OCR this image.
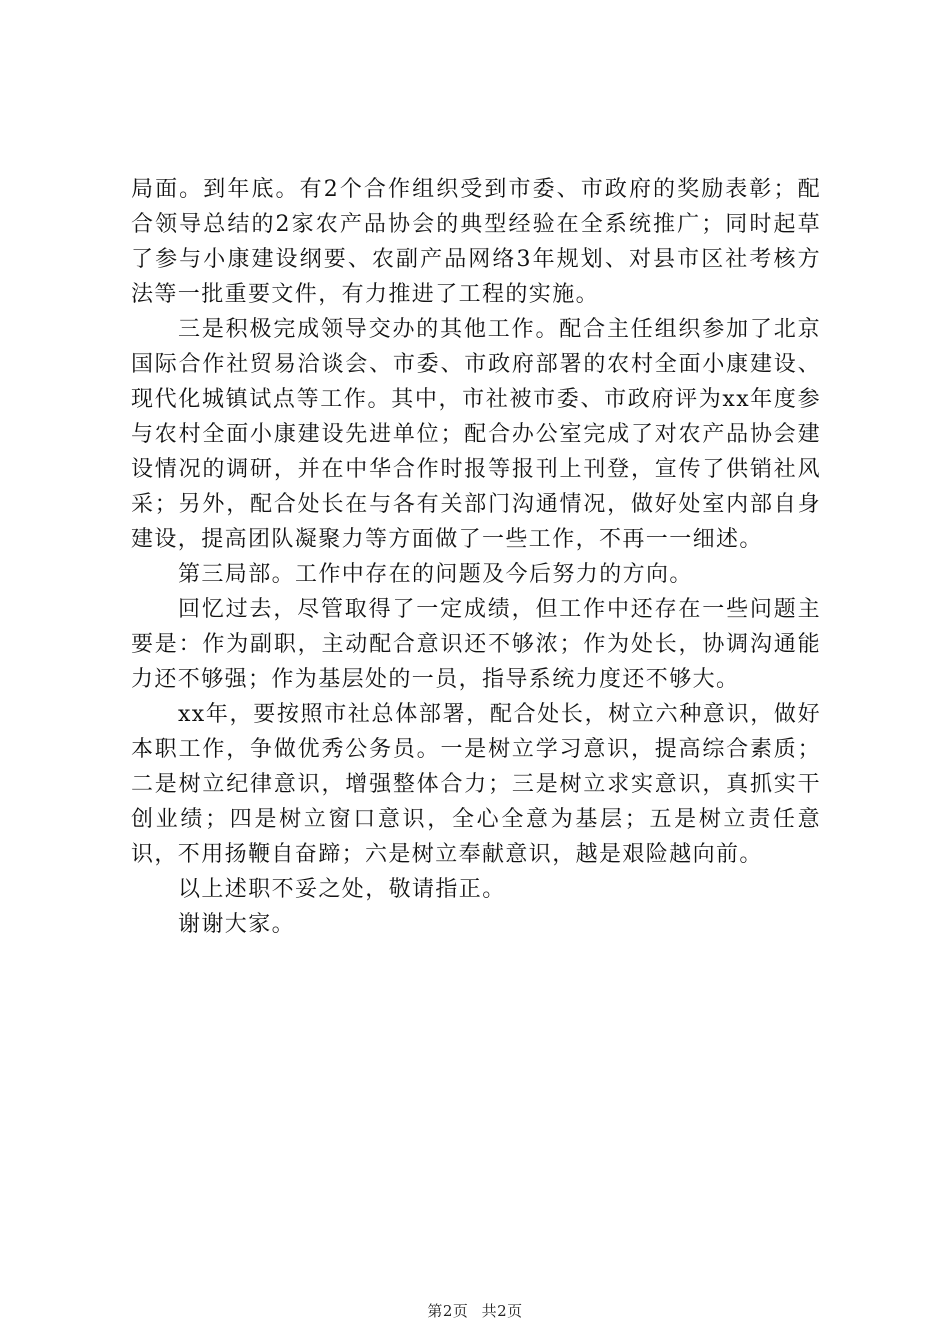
局面。到年底。有2个合作组织受到市委、市政府的奖励表彰；配合领导总结的2家农产品协会的典型经验在全系统推广；同时起草了参与小康建设纲要、农副产品网络3年规划、对县市区社考核方法等一批重要文件，有力推进了工程的实施。

三是积极完成领导交办的其他工作。配合主任组织参加了北京国际合作社贸易洽谈会、市委、市政府部署的农村全面小康建设、现代化城镇试点等工作。其中，市社被市委、市政府评为xx年度参与农村全面小康建设先进单位；配合办公室完成了对农产品协会建设情况的调研，并在中华合作时报等报刊上刊登，宣传了供销社风采；另外，配合处长在与各有关部门沟通情况，做好处室内部自身建设，提高团队凝聚力等方面做了一些工作，不再一一细述。

第三局部。工作中存在的问题及今后努力的方向。

回忆过去，尽管取得了一定成绩，但工作中还存在一些问题主要是：作为副职，主动配合意识还不够浓；作为处长，协调沟通能力还不够强；作为基层处的一员，指导系统力度还不够大。

xx年，要按照市社总体部署，配合处长，树立六种意识，做好本职工作，争做优秀公务员。一是树立学习意识，提高综合素质；二是树立纪律意识，增强整体合力；三是树立求实意识，真抓实干创业绩；四是树立窗口意识，全心全意为基层；五是树立责任意识，不用扬鞭自奋蹄；六是树立奉献意识，越是艰险越向前。

以上述职不妥之处，敬请指正。

谢谢大家。

第2页 共2页
